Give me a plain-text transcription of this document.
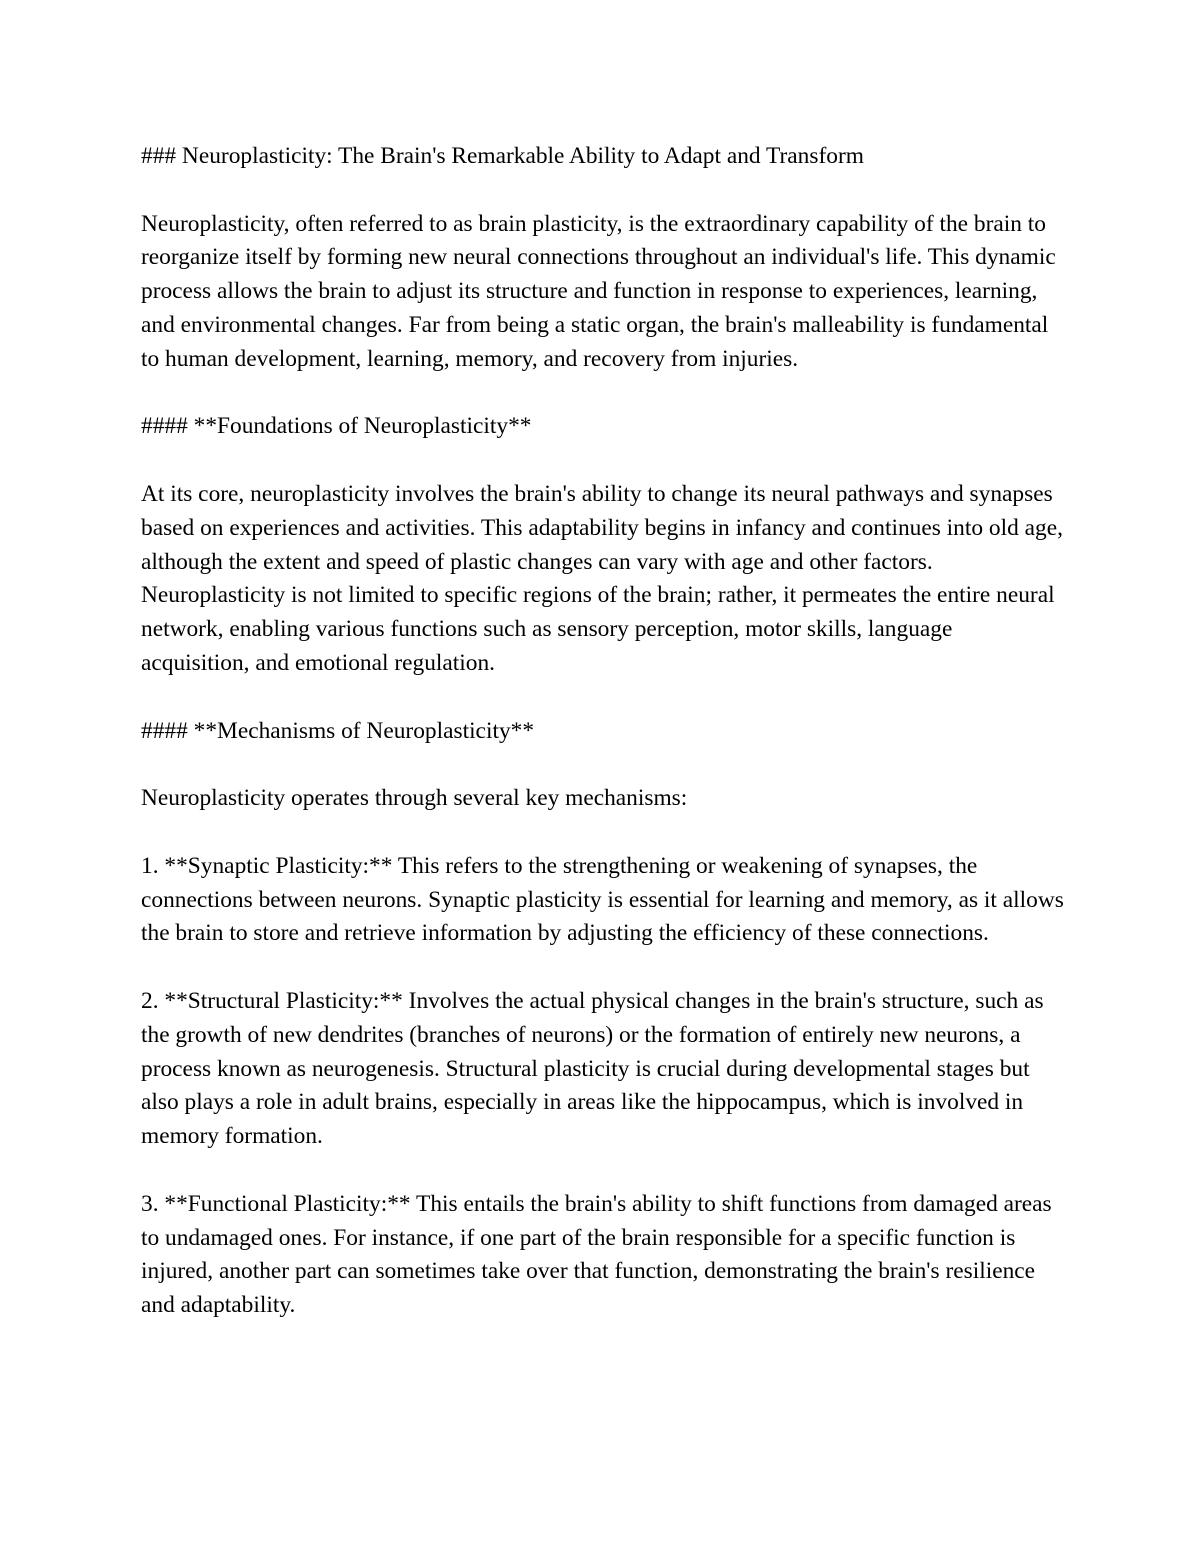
### Neuroplasticity: The Brain's Remarkable Ability to Adapt and Transform

Neuroplasticity, often referred to as brain plasticity, is the extraordinary capability of the brain to reorganize itself by forming new neural connections throughout an individual's life. This dynamic process allows the brain to adjust its structure and function in response to experiences, learning, and environmental changes. Far from being a static organ, the brain's malleability is fundamental to human development, learning, memory, and recovery from injuries.

#### **Foundations of Neuroplasticity**

At its core, neuroplasticity involves the brain's ability to change its neural pathways and synapses based on experiences and activities. This adaptability begins in infancy and continues into old age, although the extent and speed of plastic changes can vary with age and other factors. Neuroplasticity is not limited to specific regions of the brain; rather, it permeates the entire neural network, enabling various functions such as sensory perception, motor skills, language acquisition, and emotional regulation.

#### **Mechanisms of Neuroplasticity**

Neuroplasticity operates through several key mechanisms:

1. **Synaptic Plasticity:** This refers to the strengthening or weakening of synapses, the connections between neurons. Synaptic plasticity is essential for learning and memory, as it allows the brain to store and retrieve information by adjusting the efficiency of these connections.

2. **Structural Plasticity:** Involves the actual physical changes in the brain's structure, such as the growth of new dendrites (branches of neurons) or the formation of entirely new neurons, a process known as neurogenesis. Structural plasticity is crucial during developmental stages but also plays a role in adult brains, especially in areas like the hippocampus, which is involved in memory formation.

3. **Functional Plasticity:** This entails the brain's ability to shift functions from damaged areas to undamaged ones. For instance, if one part of the brain responsible for a specific function is injured, another part can sometimes take over that function, demonstrating the brain's resilience and adaptability.
